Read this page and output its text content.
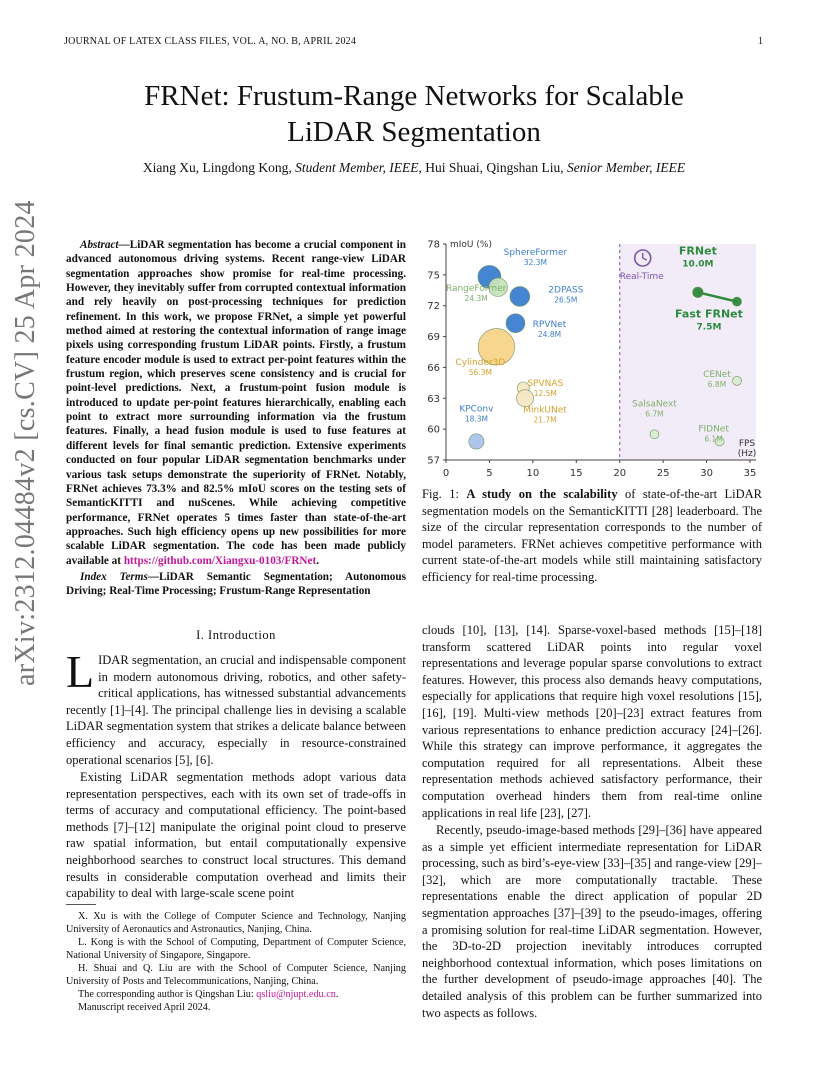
JOURNAL OF LATEX CLASS FILES, VOL. A, NO. B, APRIL 2024	1
arXiv:2312.04484v2 [cs.CV] 25 Apr 2024
FRNet: Frustum-Range Networks for Scalable
LiDAR Segmentation
Xiang Xu, Lingdong Kong, Student Member, IEEE, Hui Shuai, Qingshan Liu, Senior Member, IEEE
Abstract—LiDAR segmentation has become a crucial component in advanced autonomous driving systems. Recent range-view LiDAR segmentation approaches show promise for real-time processing. However, they inevitably suffer from corrupted contextual information and rely heavily on post-processing techniques for prediction refinement. In this work, we propose FRNet, a simple yet powerful method aimed at restoring the contextual information of range image pixels using corresponding frustum LiDAR points. Firstly, a frustum feature encoder module is used to extract per-point features within the frustum region, which preserves scene consistency and is crucial for point-level predictions. Next, a frustum-point fusion module is introduced to update per-point features hierarchically, enabling each point to extract more surrounding information via the frustum features. Finally, a head fusion module is used to fuse features at different levels for final semantic prediction. Extensive experiments conducted on four popular LiDAR segmentation benchmarks under various task setups demonstrate the superiority of FRNet. Notably, FRNet achieves 73.3% and 82.5% mIoU scores on the testing sets of SemanticKITTI and nuScenes. While achieving competitive performance, FRNet operates 5 times faster than state-of-the-art approaches. Such high efficiency opens up new possibilities for more scalable LiDAR segmentation. The code has been made publicly available at https://github.com/Xiangxu-0103/FRNet.
Index Terms—LiDAR Semantic Segmentation; Autonomous Driving; Real-Time Processing; Frustum-Range Representation
I. Introduction
LIDAR segmentation, an crucial and indispensable component in modern autonomous driving, robotics, and other safety-critical applications, has witnessed substantial advancements recently [1]–[4]. The principal challenge lies in devising a scalable LiDAR segmentation system that strikes a delicate balance between efficiency and accuracy, especially in resource-constrained operational scenarios [5], [6].
Existing LiDAR segmentation methods adopt various data representation perspectives, each with its own set of trade-offs in terms of accuracy and computational efficiency. The point-based methods [7]–[12] manipulate the original point cloud to preserve raw spatial information, but entail computationally expensive neighborhood searches to construct local structures. This demand results in considerable computation overhead and limits their capability to deal with large-scale scene point
X. Xu is with the College of Computer Science and Technology, Nanjing University of Aeronautics and Astronautics, Nanjing, China.
L. Kong is with the School of Computing, Department of Computer Science, National University of Singapore, Singapore.
H. Shuai and Q. Liu are with the School of Computer Science, Nanjing University of Posts and Telecommunications, Nanjing, China.
The corresponding author is Qingshan Liu: qsliu@njupt.edu.cn.
Manuscript received April 2024.
Real-Time
57
60
63
66
69
72
75
78
0	5	10	15	20	25	30	35
mIoU (%)
FPS
(Hz)
SphereFormer
32.3M
2DPASS
26.5M
RangeFormer
24.3M
RPVNet
24.8M
Cylinder3D
56.3M
SPVNAS
12.5M
MinkUNet
21.7M
KPConv
18.3M
SalsaNext
6.7M
FIDNet
6.1M
CENet
6.8M
FRNet
10.0M
Fast FRNet
7.5M
Fig. 1: A study on the scalability of state-of-the-art LiDAR segmentation models on the SemanticKITTI [28] leaderboard. The size of the circular representation corresponds to the number of model parameters. FRNet achieves competitive performance with current state-of-the-art models while still maintaining satisfactory efficiency for real-time processing.
clouds [10], [13], [14]. Sparse-voxel-based methods [15]–[18] transform scattered LiDAR points into regular voxel representations and leverage popular sparse convolutions to extract features. However, this process also demands heavy computations, especially for applications that require high voxel resolutions [15], [16], [19]. Multi-view methods [20]–[23] extract features from various representations to enhance prediction accuracy [24]–[26]. While this strategy can improve performance, it aggregates the computation required for all representations. Albeit these representation methods achieved satisfactory performance, their computation overhead hinders them from real-time online applications in real life [23], [27].
Recently, pseudo-image-based methods [29]–[36] have appeared as a simple yet efficient intermediate representation for LiDAR processing, such as bird’s-eye-view [33]–[35] and range-view [29]–[32], which are more computationally tractable. These representations enable the direct application of popular 2D segmentation approaches [37]–[39] to the pseudo-images, offering a promising solution for real-time LiDAR segmentation. However, the 3D-to-2D projection inevitably introduces corrupted neighborhood contextual information, which poses limitations on the further development of pseudo-image approaches [40]. The detailed analysis of this problem can be further summarized into two aspects as follows.
